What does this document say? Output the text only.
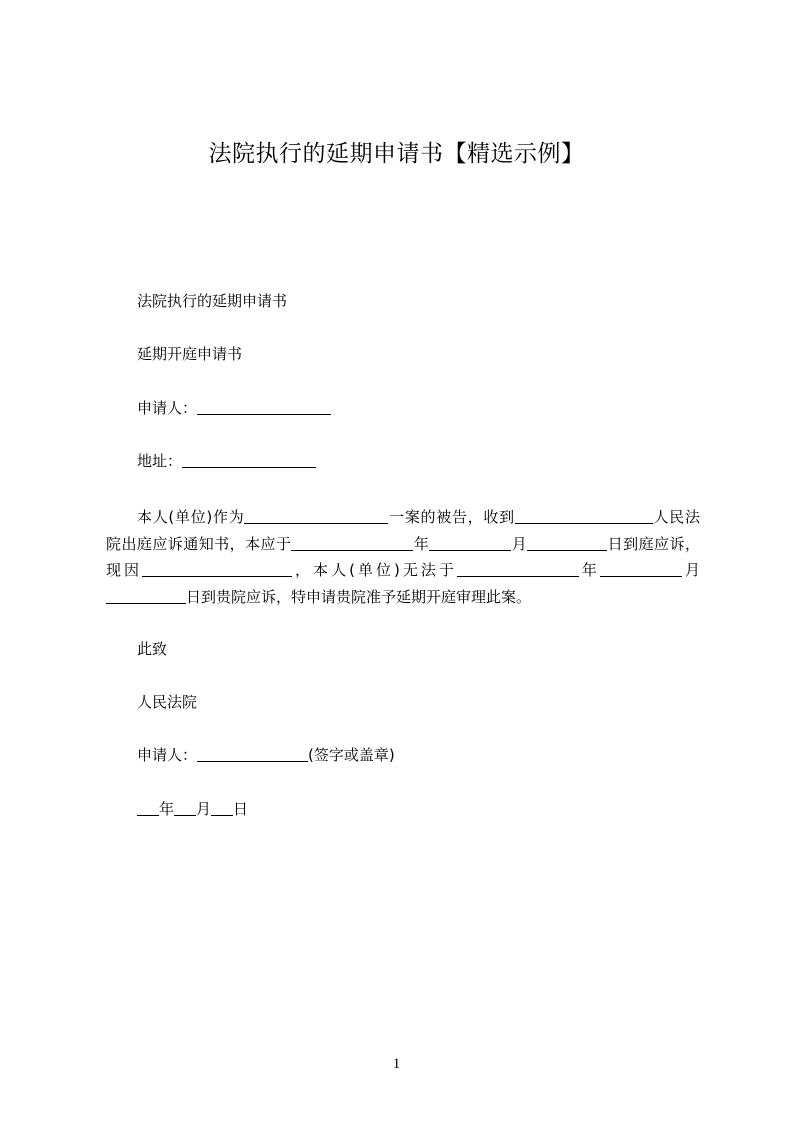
法院执行的延期申请书【精选示例】
法院执行的延期申请书
延期开庭申请书
申请人：
地址：
本人(单位)作为	一案的被告，收到	人民法院出庭应诉通知书，本应于	年	月	日到庭应诉，现因	，本人(单位)无法于	年	月日到贵院应诉，特申请贵院准予延期开庭审理此案。
此致
人民法院
申请人：	(签字或盖章)
年 月 日
1
